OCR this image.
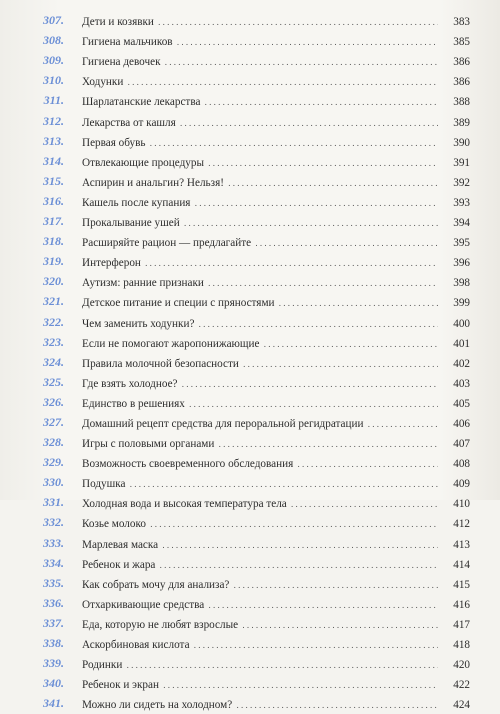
307. Дети и козявки . . .	383
308. Гигиена мальчиков . . .	385
309. Гигиена девочек . . .	386
310. Ходунки . . .	386
311. Шарлатанские лекарства . . .	388
312. Лекарства от кашля . . .	389
313. Первая обувь . . .	390
314. Отвлекающие процедуры . . .	391
315. Аспирин и анальгин? Нельзя! . . .	392
316. Кашель после купания . . .	393
317. Прокалывание ушей . . .	394
318. Расширяйте рацион — предлагайте . . .	395
319. Интерферон . . .	396
320. Аутизм: ранние признаки . . .	398
321. Детское питание и специи с пряностями . . .	399
322. Чем заменить ходунки? . . .	400
323. Если не помогают жаропонижающие . . .	401
324. Правила молочной безопасности . . .	402
325. Где взять холодное? . . .	403
326. Единство в решениях . . .	405
327. Домашний рецепт средства для пероральной регидратации . . .	406
328. Игры с половыми органами . . .	407
329. Возможность своевременного обследования . . .	408
330. Подушка . . .	409
331. Холодная вода и высокая температура тела . . .	410
332. Козье молоко . . .	412
333. Марлевая маска . . .	413
334. Ребенок и жара . . .	414
335. Как собрать мочу для анализа? . . .	415
336. Отхаркивающие средства . . .	416
337. Еда, которую не любят взрослые . . .	417
338. Аскорбиновая кислота . . .	418
339. Родинки . . .	420
340. Ребенок и экран . . .	422
341. Можно ли сидеть на холодном? . . .	424
